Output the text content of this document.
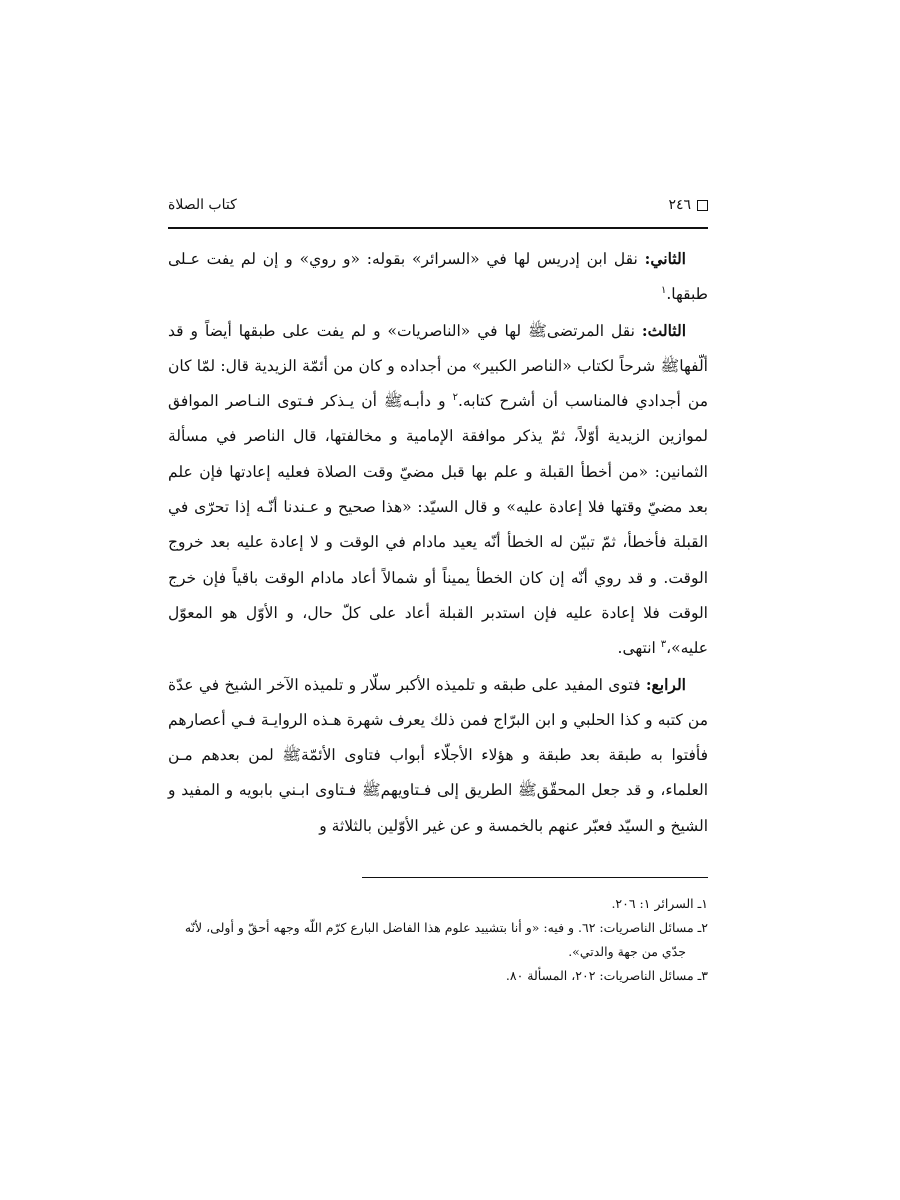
٢٤٦
كتاب الصلاة

الثاني: نقل ابن إدريس لها في «السرائر» بقوله: «و روي» و إن لم يفت عـلى طبقها.$^١$

الثالث: نقل المرتضىﷺ لها في «الناصريات» و لم يفت على طبقها أيضاً و قد ألّفهاﷺ شرحاً لكتاب «الناصر الكبير» من أجداده و كان من أئمّة الزيدية قال: لمّا كان من أجدادي فالمناسب أن أشرح كتابه.$^٢$ و دأبـهﷺ أن يـذكر فـتوى النـاصر الموافق لموازين الزيدية أوّلاً، ثمّ يذكر موافقة الإمامية و مخالفتها، قال الناصر في مسألة الثمانين: «من أخطأ القبلة و علم بها قبل مضيّ وقت الصلاة فعليه إعادتها فإن علم بعد مضيّ وقتها فلا إعادة عليه» و قال السيّد: «هذا صحيح و عـندنا أنّـه إذا تحرّى في القبلة فأخطأ، ثمّ تبيّن له الخطأ أنّه يعيد مادام في الوقت و لا إعادة عليه بعد خروج الوقت. و قد روي أنّه إن كان الخطأ يميناً أو شمالاً أعاد مادام الوقت باقياً فإن خرج الوقت فلا إعادة عليه فإن استدبر القبلة أعاد على كلّ حال، و الأوّل هو المعوّل عليه»،$^٣$ انتهى.

الرابع: فتوى المفيد على طبقه و تلميذه الأكبر سلّار و تلميذه الآخر الشيخ في عدّة من كتبه و كذا الحلبي و ابن البرّاج فمن ذلك يعرف شهرة هـذه الروايـة فـي أعصارهم فأفتوا به طبقة بعد طبقة و هؤلاء الأجلّاء أبواب فتاوى الأئمّةﷺ لمن بعدهم مـن العلماء، و قد جعل المحقّقﷺ الطريق إلى فـتاويهمﷺ فـتاوى ابـني بابويه و المفيد و الشيخ و السيّد فعبّر عنهم بالخمسة و عن غير الأوّلين بالثلاثة و

١ـ السرائر ١: ٢٠٦.

٢ـ مسائل الناصريات: ٦٢. و فيه: «و أنا بتشييد علوم هذا الفاضل البارع كرّم اللّه وجهه أحقّ و أولى، لأنّه

جدّي من جهة والدتي».

٣ـ مسائل الناصريات: ٢٠٢، المسألة ٨٠.
